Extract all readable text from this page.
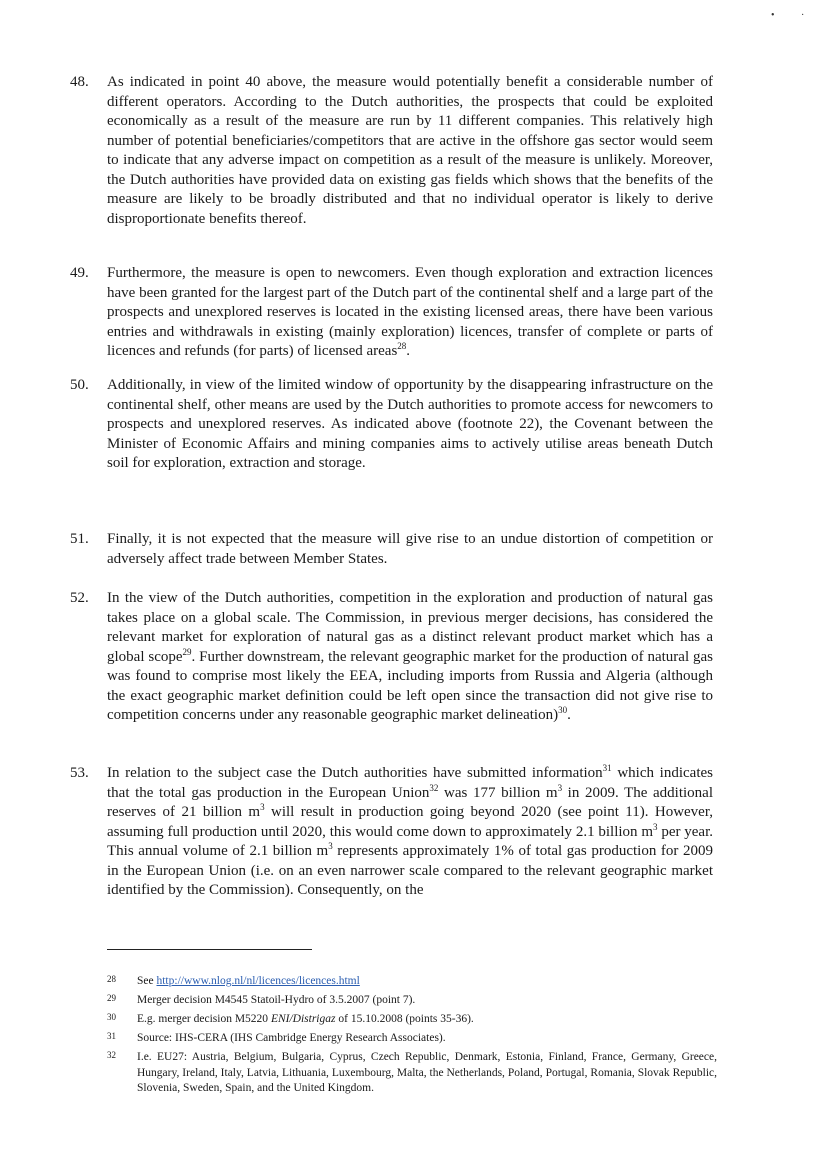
•	·
48. As indicated in point 40 above, the measure would potentially benefit a considerable number of different operators. According to the Dutch authorities, the prospects that could be exploited economically as a result of the measure are run by 11 different companies. This relatively high number of potential beneficiaries/competitors that are active in the offshore gas sector would seem to indicate that any adverse impact on competition as a result of the measure is unlikely. Moreover, the Dutch authorities have provided data on existing gas fields which shows that the benefits of the measure are likely to be broadly distributed and that no individual operator is likely to derive disproportionate benefits thereof.
49. Furthermore, the measure is open to newcomers. Even though exploration and extraction licences have been granted for the largest part of the Dutch part of the continental shelf and a large part of the prospects and unexplored reserves is located in the existing licensed areas, there have been various entries and withdrawals in existing (mainly exploration) licences, transfer of complete or parts of licences and refunds (for parts) of licensed areas$^{28}$.
50. Additionally, in view of the limited window of opportunity by the disappearing infrastructure on the continental shelf, other means are used by the Dutch authorities to promote access for newcomers to prospects and unexplored reserves. As indicated above (footnote 22), the Covenant between the Minister of Economic Affairs and mining companies aims to actively utilise areas beneath Dutch soil for exploration, extraction and storage.
51. Finally, it is not expected that the measure will give rise to an undue distortion of competition or adversely affect trade between Member States.
52. In the view of the Dutch authorities, competition in the exploration and production of natural gas takes place on a global scale. The Commission, in previous merger decisions, has considered the relevant market for exploration of natural gas as a distinct relevant product market which has a global scope$^{29}$. Further downstream, the relevant geographic market for the production of natural gas was found to comprise most likely the EEA, including imports from Russia and Algeria (although the exact geographic market definition could be left open since the transaction did not give rise to competition concerns under any reasonable geographic market delineation)$^{30}$.
53. In relation to the subject case the Dutch authorities have submitted information$^{31}$ which indicates that the total gas production in the European Union$^{32}$ was 177 billion $m^3$ in 2009. The additional reserves of 21 billion $m^3$ will result in production going beyond 2020 (see point 11). However, assuming full production until 2020, this would come down to approximately 2.1 billion $m^3$ per year. This annual volume of 2.1 billion $m^3$ represents approximately 1% of total gas production for 2009 in the European Union (i.e. on an even narrower scale compared to the relevant geographic market identified by the Commission). Consequently, on the
28 See http://www.nlog.nl/nl/licences/licences.html
29 Merger decision M4545 Statoil-Hydro of 3.5.2007 (point 7).
30 E.g. merger decision M5220 ENI/Distrigaz of 15.10.2008 (points 35-36).
31 Source: IHS-CERA (IHS Cambridge Energy Research Associates).
32 I.e. EU27: Austria, Belgium, Bulgaria, Cyprus, Czech Republic, Denmark, Estonia, Finland, France, Germany, Greece, Hungary, Ireland, Italy, Latvia, Lithuania, Luxembourg, Malta, the Netherlands, Poland, Portugal, Romania, Slovak Republic, Slovenia, Sweden, Spain, and the United Kingdom.
